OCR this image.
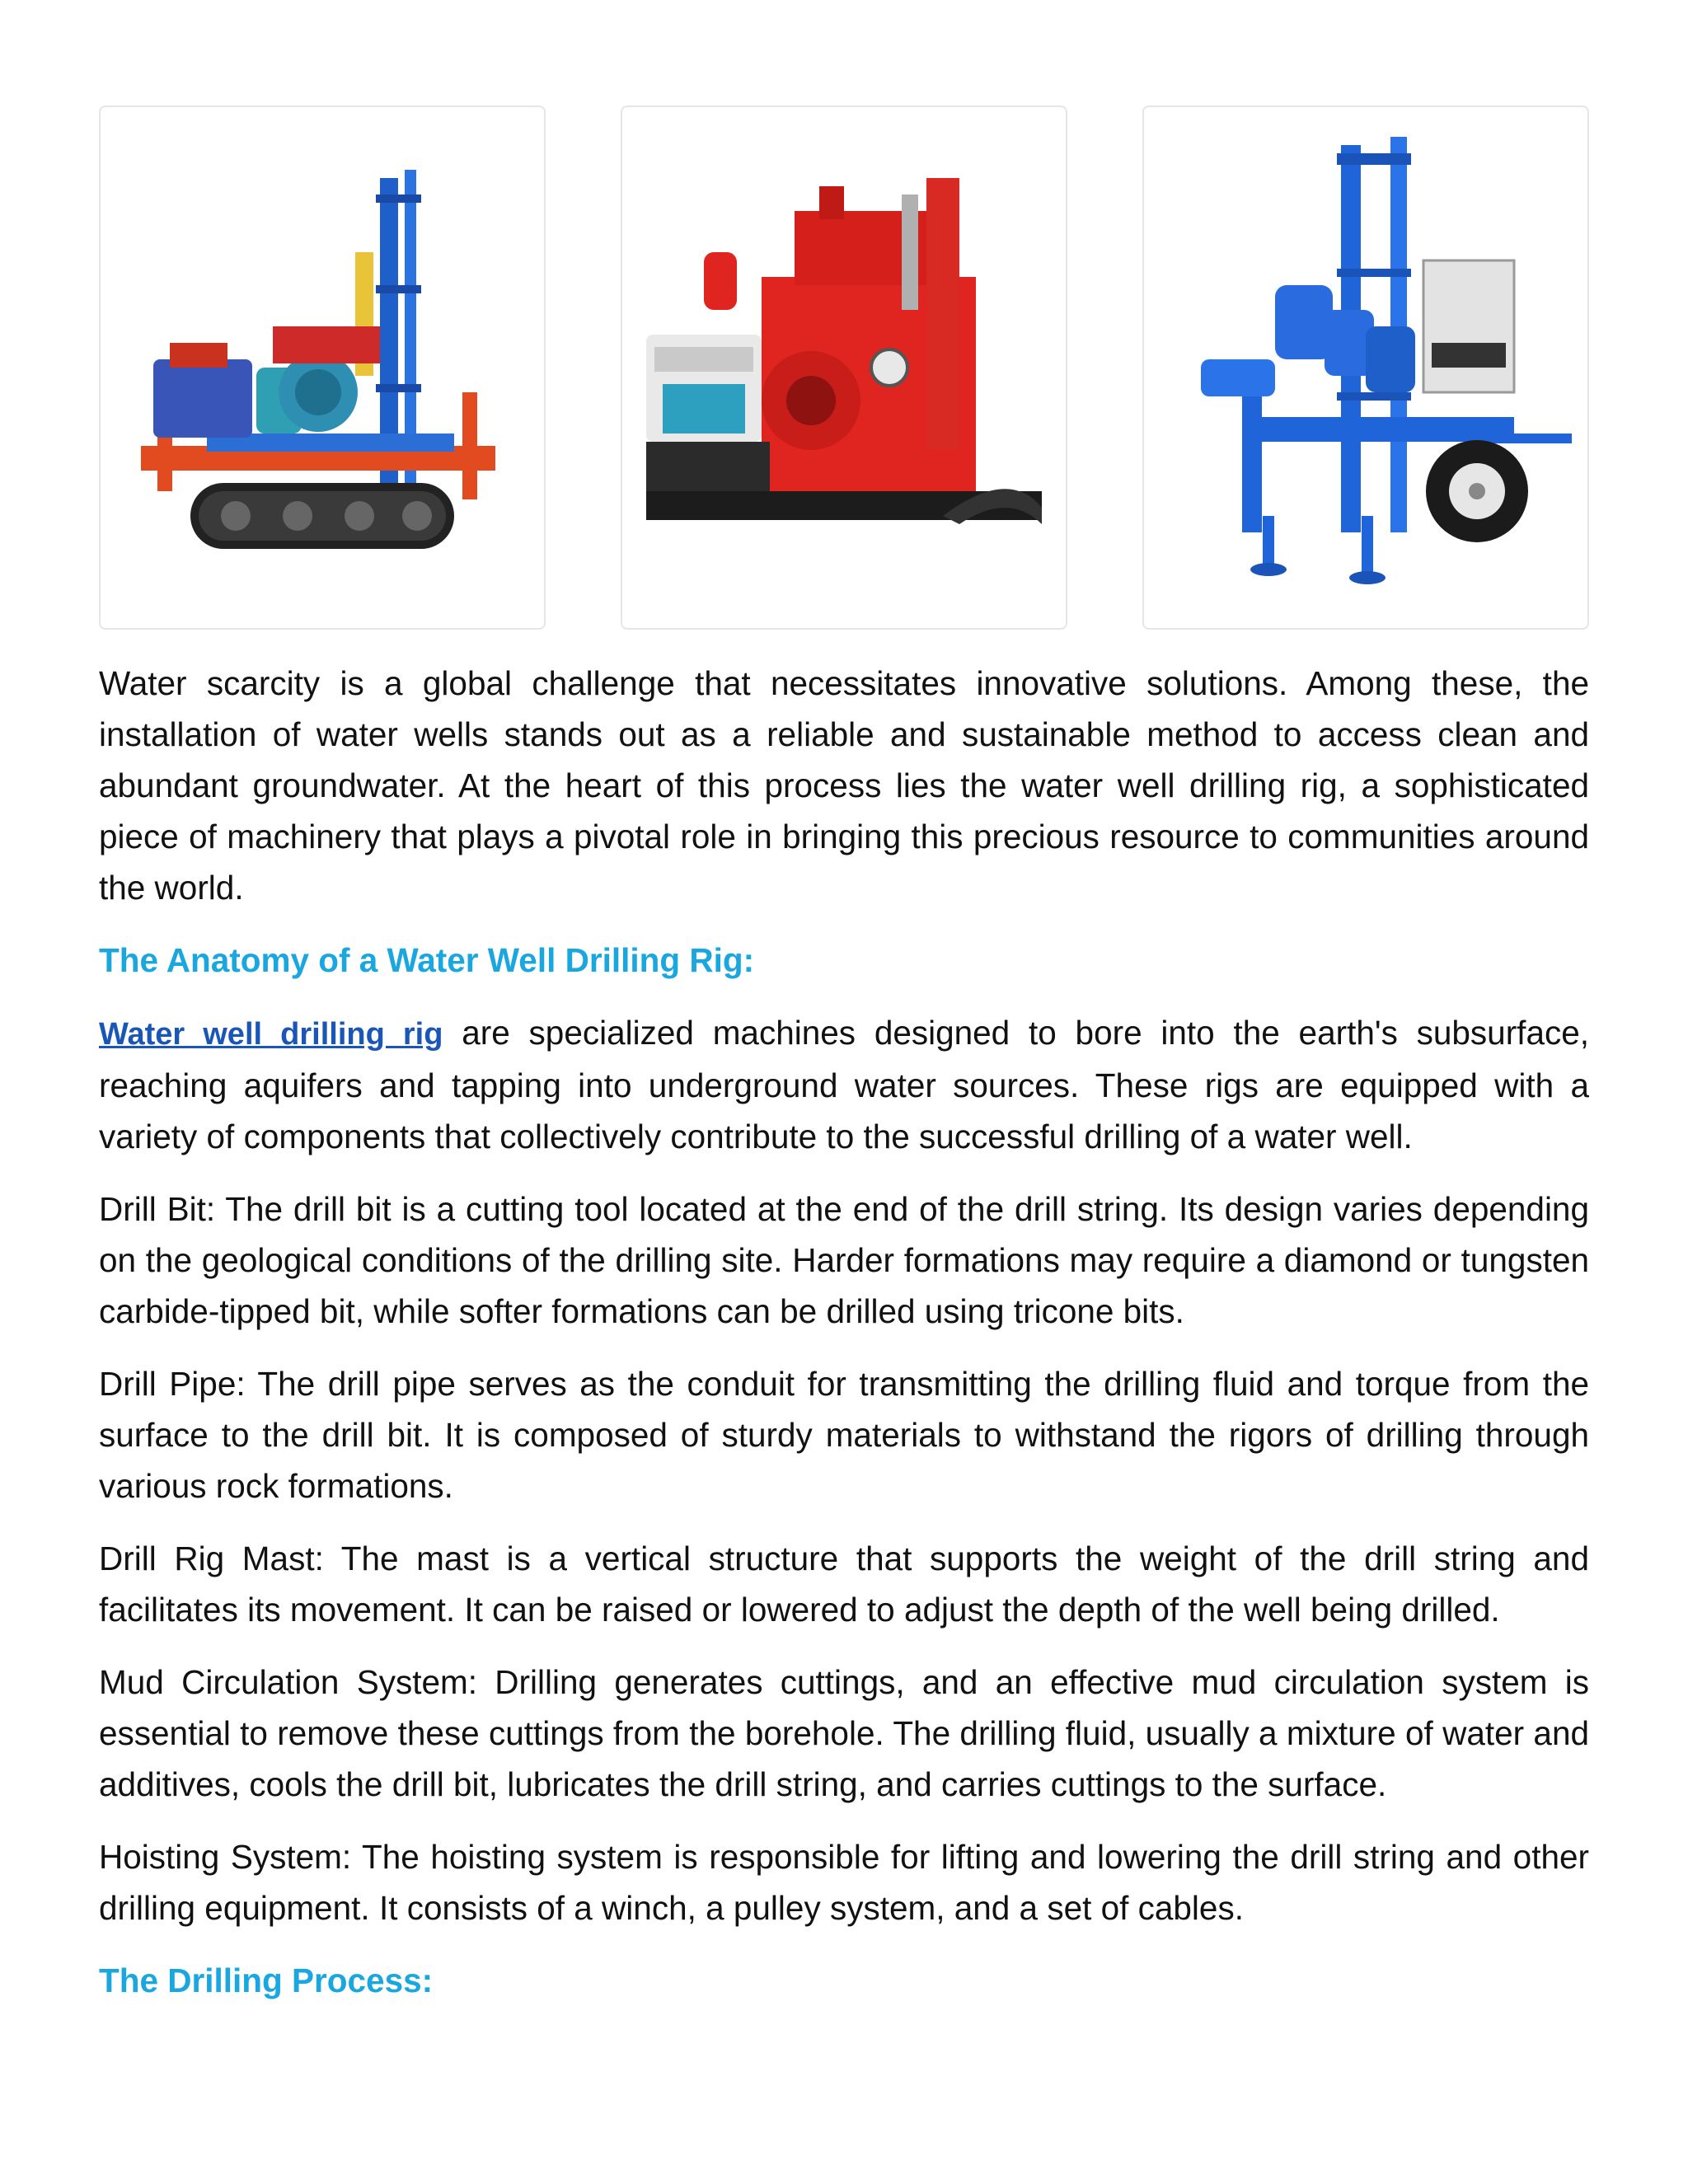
Water scarcity is a global challenge that necessitates innovative solutions. Among these, the installation of water wells stands out as a reliable and sustainable method to access clean and abundant groundwater. At the heart of this process lies the water well drilling rig, a sophisticated piece of machinery that plays a pivotal role in bringing this precious resource to communities around the world.

The Anatomy of a Water Well Drilling Rig:

Water well drilling rig are specialized machines designed to bore into the earth's subsurface, reaching aquifers and tapping into underground water sources. These rigs are equipped with a variety of components that collectively contribute to the successful drilling of a water well.

Drill Bit: The drill bit is a cutting tool located at the end of the drill string. Its design varies depending on the geological conditions of the drilling site. Harder formations may require a diamond or tungsten carbide-tipped bit, while softer formations can be drilled using tricone bits.

Drill Pipe: The drill pipe serves as the conduit for transmitting the drilling fluid and torque from the surface to the drill bit. It is composed of sturdy materials to withstand the rigors of drilling through various rock formations.

Drill Rig Mast: The mast is a vertical structure that supports the weight of the drill string and facilitates its movement. It can be raised or lowered to adjust the depth of the well being drilled.

Mud Circulation System: Drilling generates cuttings, and an effective mud circulation system is essential to remove these cuttings from the borehole. The drilling fluid, usually a mixture of water and additives, cools the drill bit, lubricates the drill string, and carries cuttings to the surface.

Hoisting System: The hoisting system is responsible for lifting and lowering the drill string and other drilling equipment. It consists of a winch, a pulley system, and a set of cables.

The Drilling Process:
